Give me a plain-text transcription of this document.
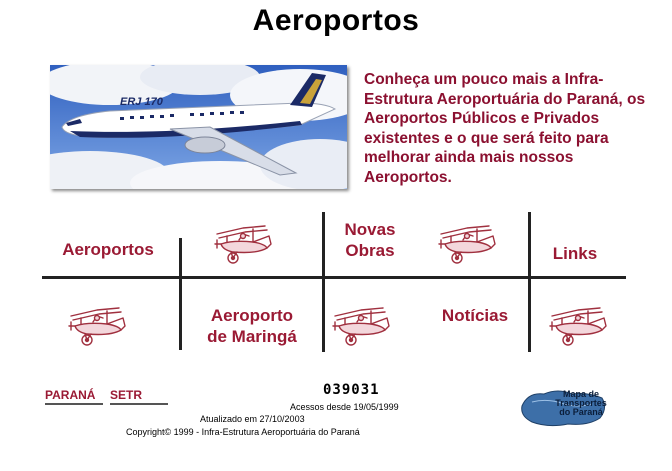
Aeroportos
ERJ 170
Conheça um pouco mais a Infra-Estrutura Aeroportuária do Paraná, os Aeroportos Públicos e Privados existentes e o que será feito para melhorar ainda mais nossos Aeroportos.
Aeroportos
Novas
Obras	Links
Aeroporto
de Maringá
Notícias
PARANÁ	SETR	039031
Acessos desde 19/05/1999
Atualizado em 27/10/2003
Copyright© 1999 - Infra-Estrutura Aeroportuária do Paraná
Mapa de
Transportes
do Paraná
